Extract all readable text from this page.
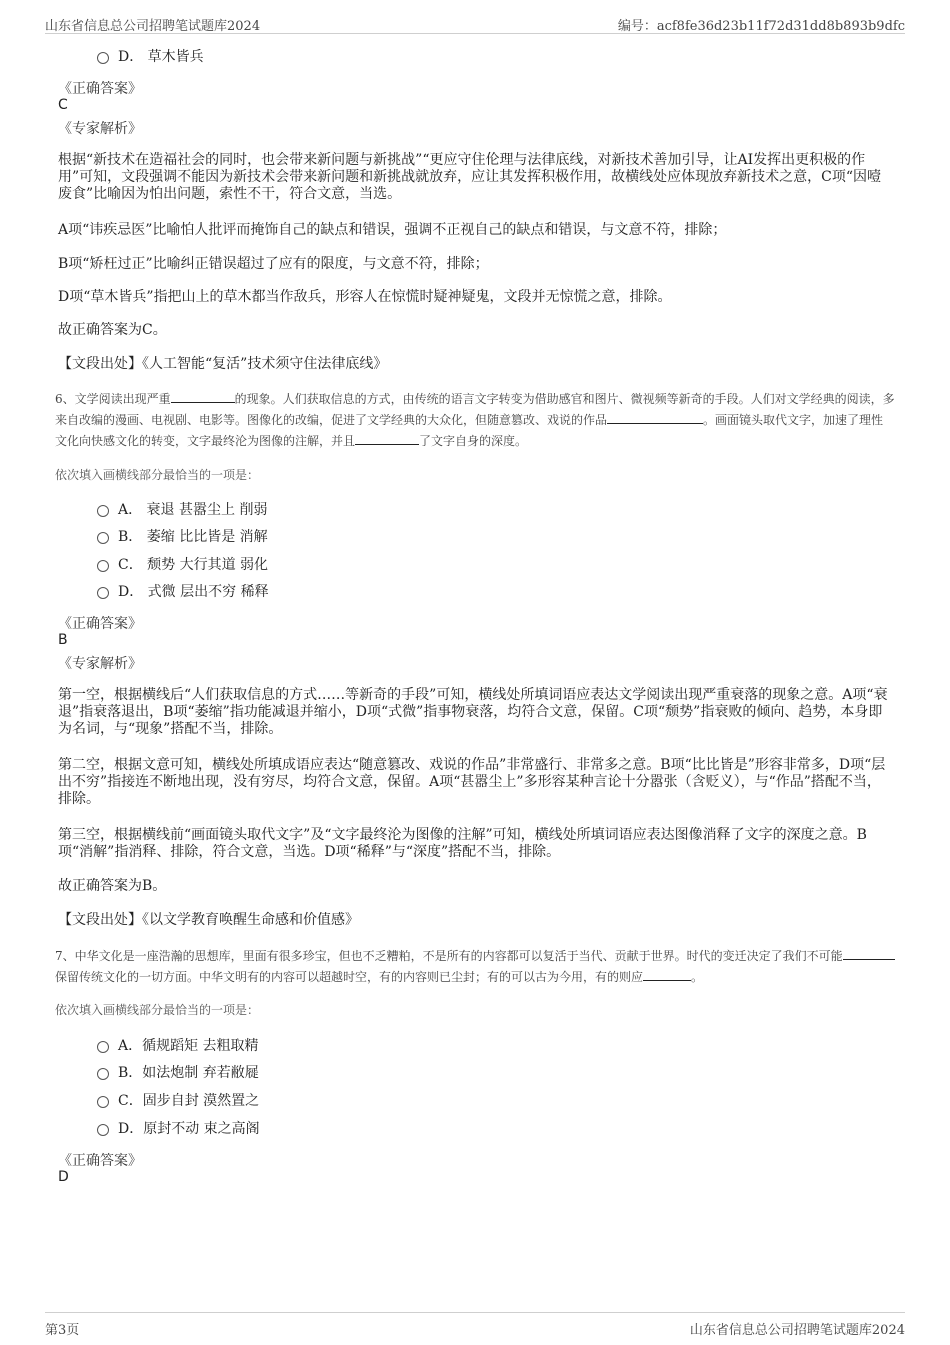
山东省信息总公司招聘笔试题库2024	编号：acf8fe36d23b11f72d31dd8b893b9dfc
D． 草木皆兵
《正确答案》
C
《专家解析》
根据“新技术在造福社会的同时，也会带来新问题与新挑战”“更应守住伦理与法律底线，对新技术善加引导，让AI发挥出更积极的作用”可知，文段强调不能因为新技术会带来新问题和新挑战就放弃，应让其发挥积极作用，故横线处应体现放弃新技术之意，C项“因噎废食”比喻因为怕出问题，索性不干，符合文意，当选。
A项“讳疾忌医”比喻怕人批评而掩饰自己的缺点和错误，强调不正视自己的缺点和错误，与文意不符，排除；
B项“矫枉过正”比喻纠正错误超过了应有的限度，与文意不符，排除；
D项“草木皆兵”指把山上的草木都当作敌兵，形容人在惊慌时疑神疑鬼，文段并无惊慌之意，排除。
故正确答案为C。
【文段出处】《人工智能“复活”技术须守住法律底线》
6、文学阅读出现严重	的现象。人们获取信息的方式，由传统的语言文字转变为借助感官和图片、微视频等新奇的手段。人们对文学经典的阅读，多来自改编的漫画、电视剧、电影等。图像化的改编，促进了文学经典的大众化，但随意篡改、戏说的作品	。画面镜头取代文字，加速了理性文化向快感文化的转变，文字最终沦为图像的注解，并且	了文字自身的深度。
依次填入画横线部分最恰当的一项是：
A． 衰退 甚嚣尘上 削弱
B． 萎缩 比比皆是 消解
C． 颓势 大行其道 弱化
D． 式微 层出不穷 稀释
《正确答案》
B
《专家解析》
第一空，根据横线后“人们获取信息的方式……等新奇的手段”可知，横线处所填词语应表达文学阅读出现严重衰落的现象之意。A项“衰退”指衰落退出，B项“萎缩”指功能减退并缩小，D项“式微”指事物衰落，均符合文意，保留。C项“颓势”指衰败的倾向、趋势，本身即为名词，与“现象”搭配不当，排除。
第二空，根据文意可知，横线处所填成语应表达“随意篡改、戏说的作品”非常盛行、非常多之意。B项“比比皆是”形容非常多，D项“层出不穷”指接连不断地出现，没有穷尽，均符合文意，保留。A项“甚嚣尘上”多形容某种言论十分嚣张（含贬义），与“作品”搭配不当，排除。
第三空，根据横线前“画面镜头取代文字”及“文字最终沦为图像的注解”可知，横线处所填词语应表达图像消释了文字的深度之意。B项“消解”指消释、排除，符合文意，当选。D项“稀释”与“深度”搭配不当，排除。
故正确答案为B。
【文段出处】《以文学教育唤醒生命感和价值感》
7、中华文化是一座浩瀚的思想库，里面有很多珍宝，但也不乏糟粕，不是所有的内容都可以复活于当代、贡献于世界。时代的变迁决定了我们不可能保留传统文化的一切方面。中华文明有的内容可以超越时空，有的内容则已尘封；有的可以古为今用，有的则应	。
依次填入画横线部分最恰当的一项是：
A．循规蹈矩 去粗取精
B．如法炮制 弃若敝屣
C．固步自封 漠然置之
D．原封不动 束之高阁
《正确答案》
D
第3页	山东省信息总公司招聘笔试题库2024
